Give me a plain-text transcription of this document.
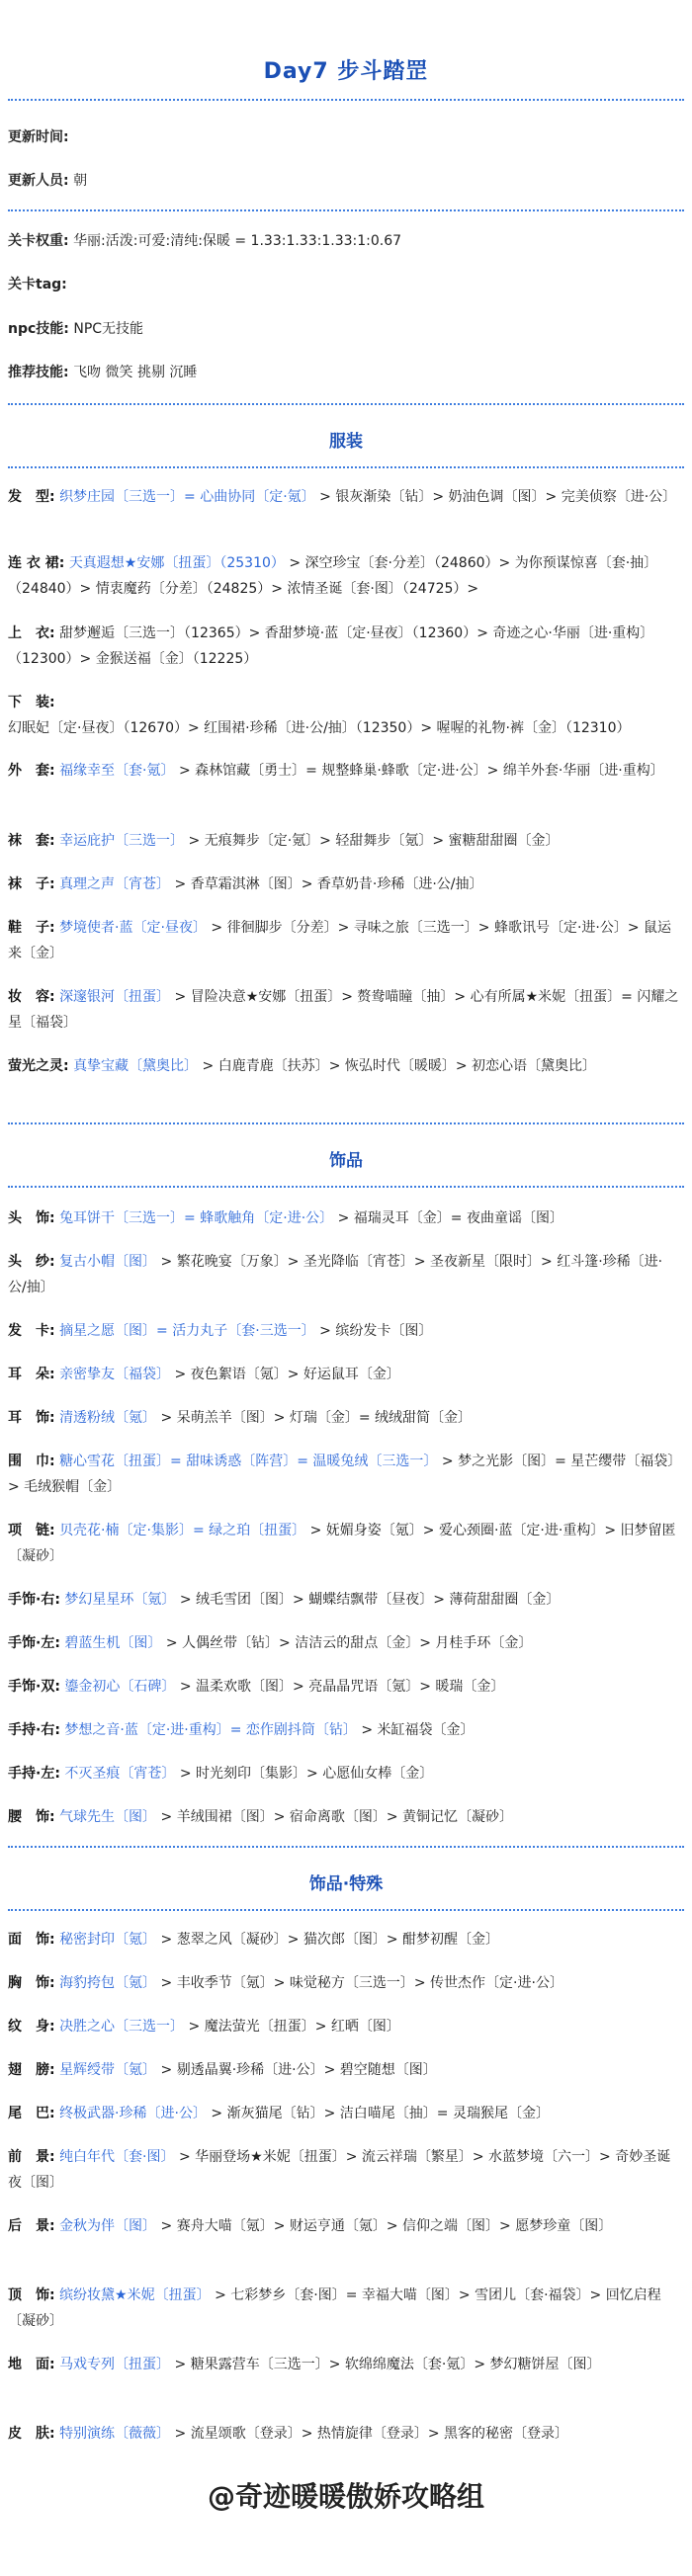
Day7 步斗踏罡
更新时间:
更新人员: 朝
关卡权重: 华丽:活泼:可爱:清纯:保暖 = 1.33:1.33:1.33:1:0.67
关卡tag:
npc技能: NPC无技能
推荐技能: 飞吻 微笑 挑剔 沉睡
服装
发　型: 织梦庄园〔三选一〕= 心曲协同〔定·氪〕 > 银灰渐染〔钻〕> 奶油色调〔图〕> 完美侦察〔进·公〕
连 衣 裙: 天真遐想★安娜〔扭蛋〕（25310） > 深空珍宝〔套·分差〕（24860）> 为你预谋惊喜〔套·抽〕（24840）> 情衷魔药〔分差〕（24825）> 浓情圣诞〔套·图〕（24725）>
上　衣: 甜梦邂逅〔三选一〕（12365）> 香甜梦境·蓝〔定·昼夜〕（12360）> 奇迹之心·华丽〔进·重构〕（12300）> 金猴送福〔金〕（12225）
下　装: 幻眠妃〔定·昼夜〕（12670）> 红围裙·珍稀〔进·公/抽〕（12350）> 喔喔的礼物·裤〔金〕（12310）
外　套: 福缘幸至〔套·氪〕 > 森林馆藏〔勇士〕= 规整蜂巢·蜂歌〔定·进·公〕> 绵羊外套·华丽〔进·重构〕
袜　套: 幸运庇护〔三选一〕 > 无痕舞步〔定·氪〕> 轻甜舞步〔氪〕> 蜜糖甜甜圈〔金〕
袜　子: 真理之声〔宵苍〕 > 香草霜淇淋〔图〕> 香草奶昔·珍稀〔进·公/抽〕
鞋　子: 梦境使者·蓝〔定·昼夜〕 > 徘徊脚步〔分差〕> 寻味之旅〔三选一〕> 蜂歌讯号〔定·进·公〕> 鼠运来〔金〕
妆　容: 深邃银河〔扭蛋〕 > 冒险决意★安娜〔扭蛋〕> 赘鸯喵瞳〔抽〕> 心有所属★米妮〔扭蛋〕= 闪耀之星〔福袋〕
萤光之灵: 真挚宝藏〔黛奥比〕 > 白鹿青鹿〔扶苏〕> 恢弘时代〔暖暖〕> 初恋心语〔黛奥比〕
饰品
头　饰: 兔耳饼干〔三选一〕= 蜂歌触角〔定·进·公〕 > 福瑞灵耳〔金〕= 夜曲童谣〔图〕
头　纱: 复古小帽〔图〕 > 繁花晚宴〔万象〕> 圣光降临〔宵苍〕> 圣夜新星〔限时〕> 红斗篷·珍稀〔进·公/抽〕
发　卡: 摘星之愿〔图〕= 活力丸子〔套·三选一〕 > 缤纷发卡〔图〕
耳　朵: 亲密挚友〔福袋〕 > 夜色絮语〔氪〕> 好运鼠耳〔金〕
耳　饰: 清透粉绒〔氪〕 > 呆萌羔羊〔图〕> 灯瑞〔金〕= 绒绒甜简〔金〕
围　巾: 糖心雪花〔扭蛋〕= 甜味诱惑〔阵营〕= 温暖兔绒〔三选一〕 > 梦之光影〔图〕= 星芒缨带〔福袋〕> 毛绒猴帽〔金〕
项　链: 贝壳花·楠〔定·集影〕= 绿之珀〔扭蛋〕 > 妩媚身姿〔氪〕> 爱心颈圈·蓝〔定·进·重构〕> 旧梦留匿〔凝砂〕
手饰·右: 梦幻星星环〔氪〕 > 绒毛雪团〔图〕> 蝴蝶结飘带〔昼夜〕> 薄荷甜甜圈〔金〕
手饰·左: 碧蓝生机〔图〕 > 人偶丝带〔钻〕> 洁洁云的甜点〔金〕> 月桂手环〔金〕
手饰·双: 鎏金初心〔石碑〕 > 温柔欢歌〔图〕> 亮晶晶咒语〔氪〕> 暖瑞〔金〕
手持·右: 梦想之音·蓝〔定·进·重构〕= 恋作剧抖筒〔钻〕 > 米缸福袋〔金〕
手持·左: 不灭圣痕〔宵苍〕 > 时光刻印〔集影〕> 心愿仙女棒〔金〕
腰　饰: 气球先生〔图〕 > 羊绒围裙〔图〕> 宿命离歌〔图〕> 黄铜记忆〔凝砂〕
饰品·特殊
面　饰: 秘密封印〔氪〕 > 葱翠之风〔凝砂〕> 猫次郎〔图〕> 酣梦初醒〔金〕
胸　饰: 海豹挎包〔氪〕 > 丰收季节〔氪〕> 味觉秘方〔三选一〕> 传世杰作〔定·进·公〕
纹　身: 决胜之心〔三选一〕 > 魔法萤光〔扭蛋〕> 红晒〔图〕
翅　膀: 星辉绶带〔氪〕 > 剔透晶翼·珍稀〔进·公〕> 碧空随想〔图〕
尾　巴: 终极武器·珍稀〔进·公〕 > 渐灰猫尾〔钻〕> 洁白喵尾〔抽〕= 灵瑞猴尾〔金〕
前　景: 纯白年代〔套·图〕 > 华丽登场★米妮〔扭蛋〕> 流云祥瑞〔繁星〕> 水蓝梦境〔六一〕> 奇妙圣诞夜〔图〕
后　景: 金秋为伴〔图〕 > 赛舟大喵〔氪〕> 财运亨通〔氪〕> 信仰之端〔图〕> 愿梦珍童〔图〕
顶　饰: 缤纷妆黛★米妮〔扭蛋〕 > 七彩梦乡〔套·图〕= 幸福大喵〔图〕> 雪团儿〔套·福袋〕> 回忆启程〔凝砂〕
地　面: 马戏专列〔扭蛋〕 > 糖果露营车〔三选一〕> 软绵绵魔法〔套·氪〕> 梦幻糖饼屋〔图〕
皮　肤: 特别演练〔薇薇〕 > 流星颂歌〔登录〕> 热情旋律〔登录〕> 黑客的秘密〔登录〕
@奇迹暖暖傲娇攻略组
